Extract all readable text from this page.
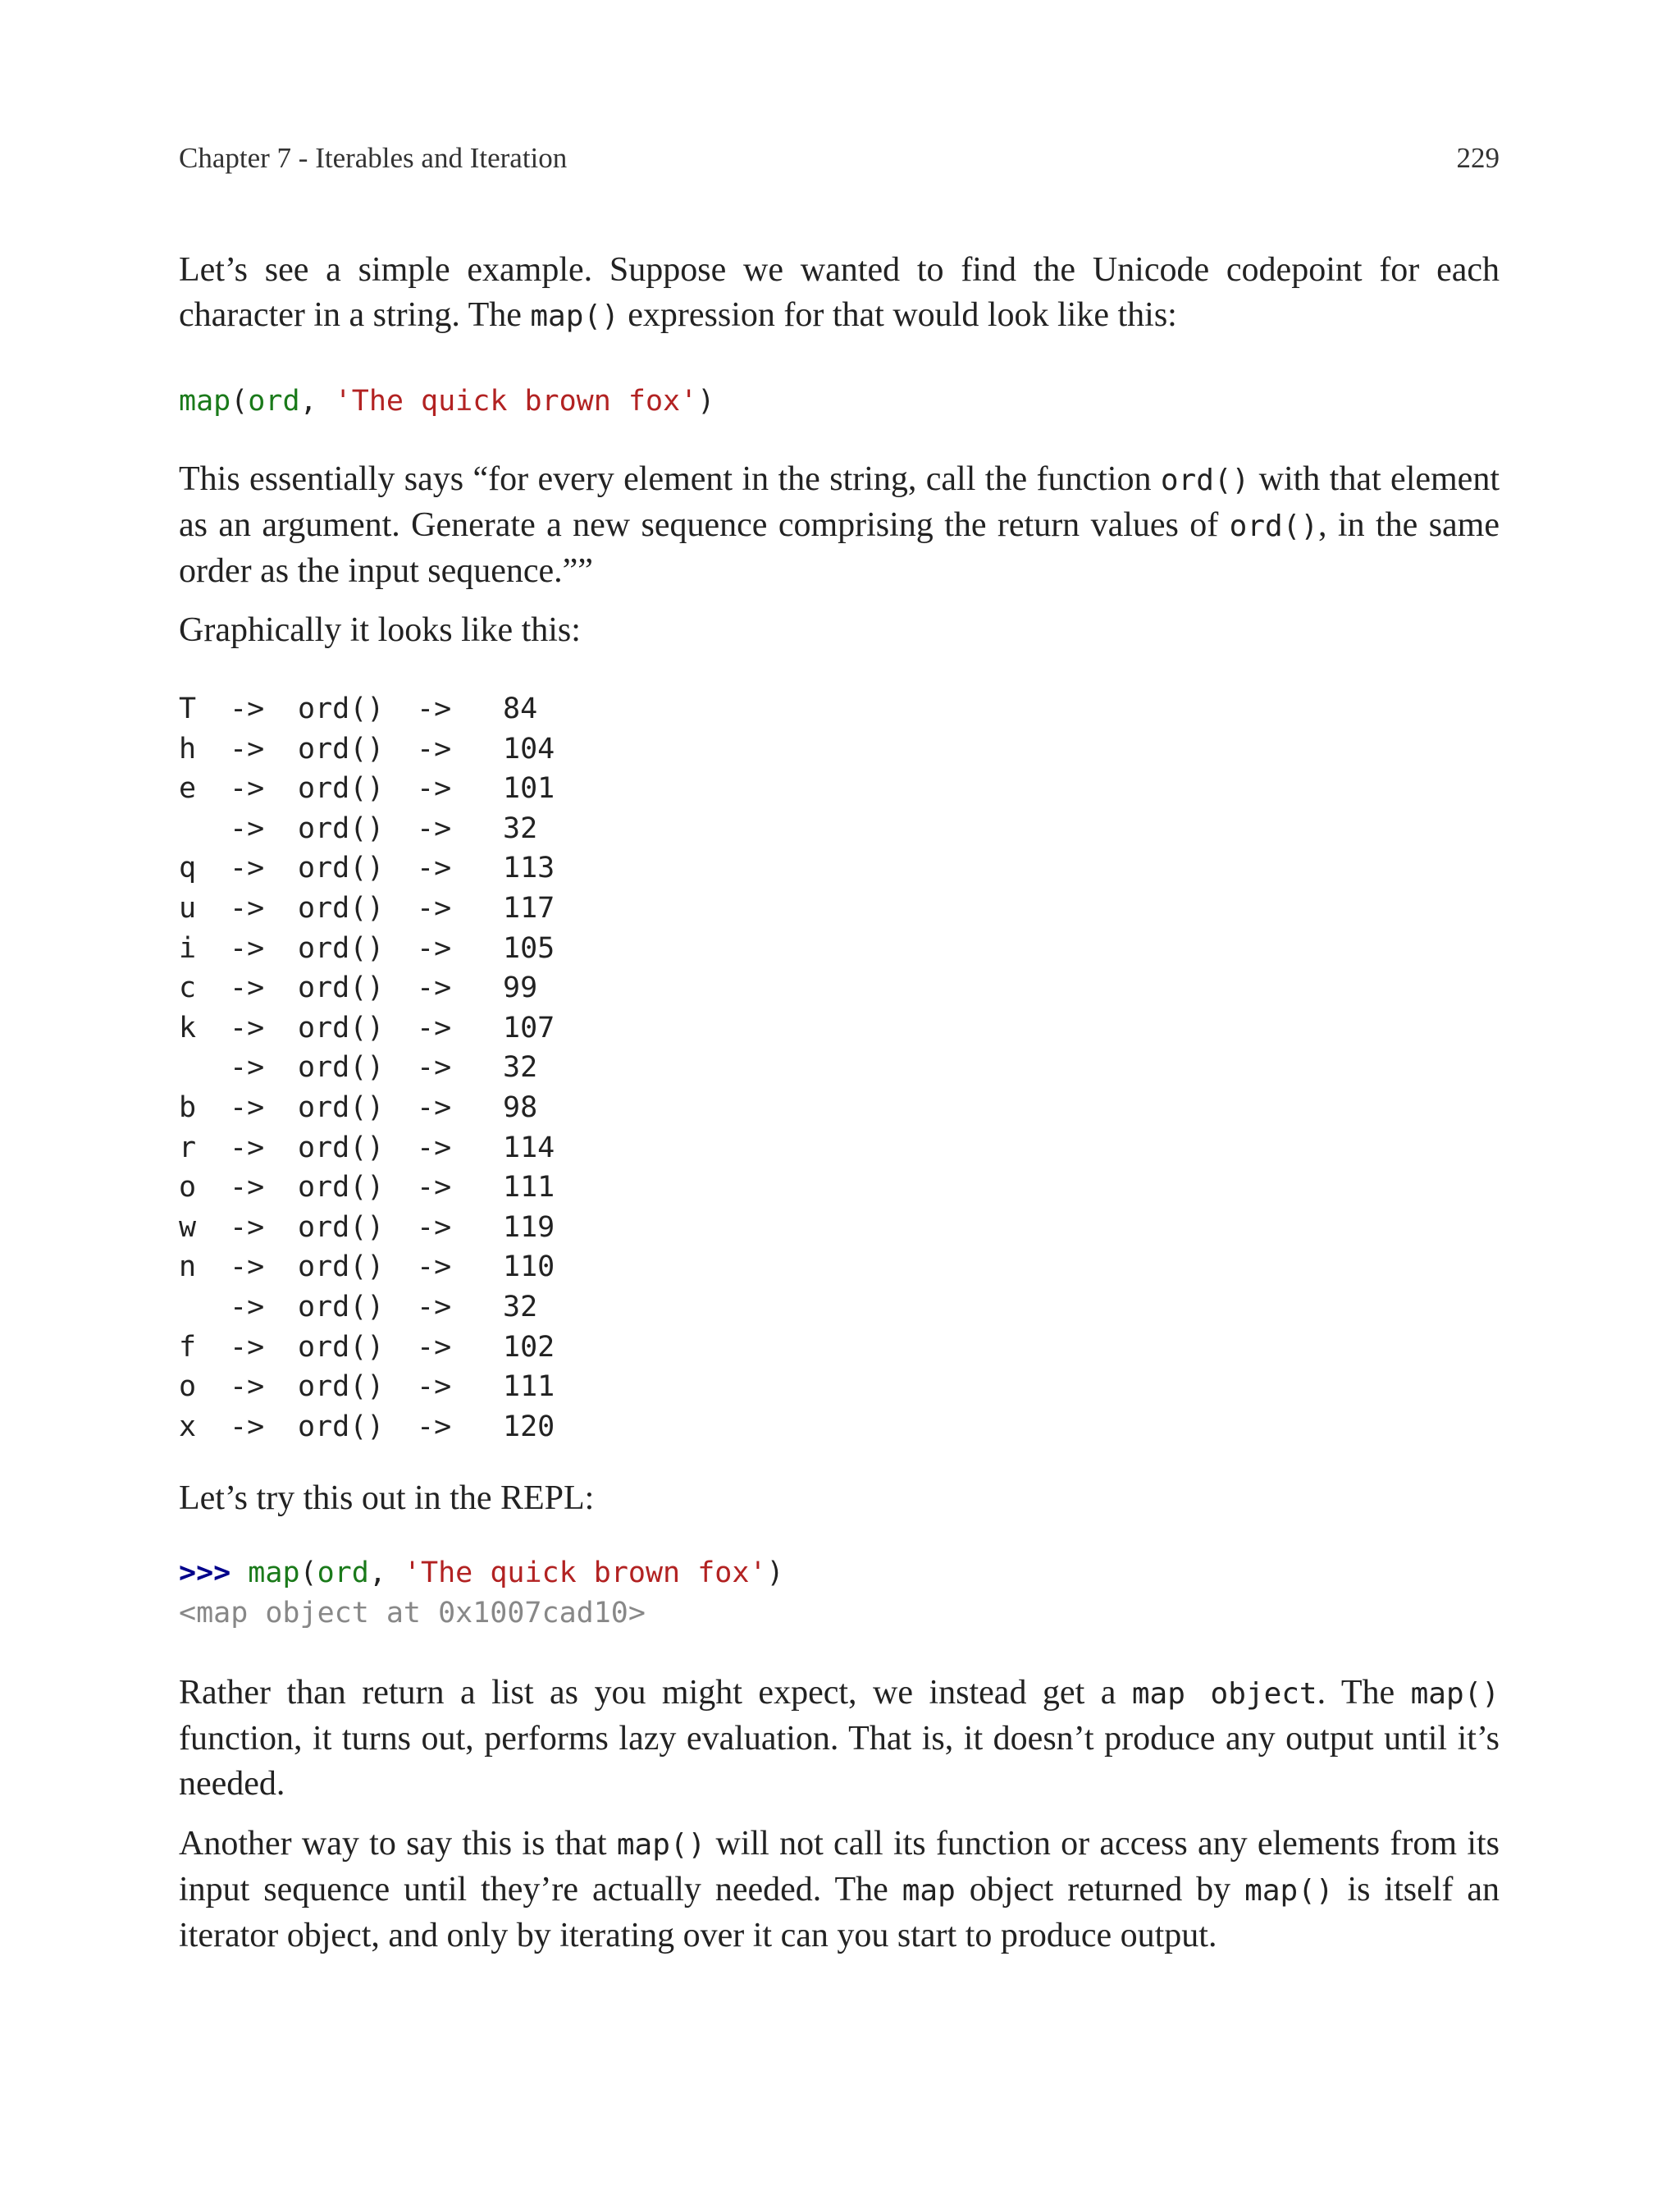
Chapter 7 - Iterables and Iteration	229

Let’s see a simple example. Suppose we wanted to find the Unicode codepoint for each character in a string. The map() expression for that would look like this:

map(ord, 'The quick brown fox')

This essentially says “for every element in the string, call the function ord() with that element as an argument. Generate a new sequence comprising the return values of ord(), in the same order as the input sequence.””

Graphically it looks like this:

T -> ord() -> 84
h -> ord() -> 104
e -> ord() -> 101

-> ord() -> 32
q -> ord() -> 113
u -> ord() -> 117
i -> ord() -> 105
c -> ord() -> 99
k -> ord() -> 107

-> ord() -> 32
b -> ord() -> 98
r -> ord() -> 114
o -> ord() -> 111
w -> ord() -> 119
n -> ord() -> 110

-> ord() -> 32
f -> ord() -> 102
o -> ord() -> 111
x -> ord() -> 120

Let’s try this out in the REPL:

>>> map(ord, 'The quick brown fox')
<map object at 0x1007cad10>

Rather than return a list as you might expect, we instead get a map object. The map() function, it turns out, performs lazy evaluation. That is, it doesn’t produce any output until it’s needed.

Another way to say this is that map() will not call its function or access any elements from its input sequence until they’re actually needed. The map object returned by map() is itself an iterator object, and only by iterating over it can you start to produce output.
